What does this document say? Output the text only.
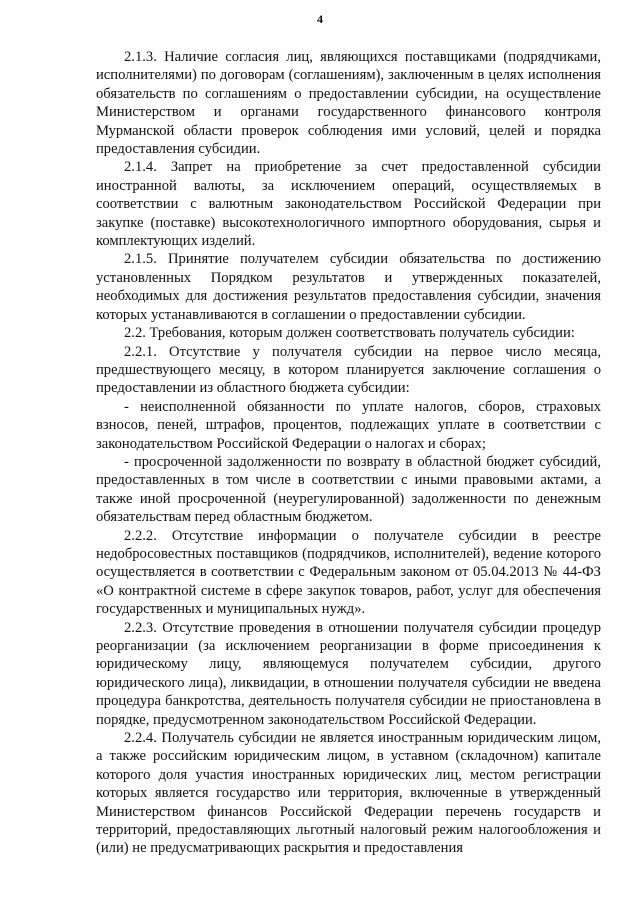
4

2.1.3. Наличие согласия лиц, являющихся поставщиками (подрядчиками, исполнителями) по договорам (соглашениям), заключенным в целях исполнения обязательств по соглашениям о предоставлении субсидии, на осуществление Министерством и органами государственного финансового контроля Мурманской области проверок соблюдения ими условий, целей и порядка предоставления субсидии.

2.1.4. Запрет на приобретение за счет предоставленной субсидии иностранной валюты, за исключением операций, осуществляемых в соответствии с валютным законодательством Российской Федерации при закупке (поставке) высокотехнологичного импортного оборудования, сырья и комплектующих изделий.

2.1.5. Принятие получателем субсидии обязательства по достижению установленных Порядком результатов и утвержденных показателей, необходимых для достижения результатов предоставления субсидии, значения которых устанавливаются в соглашении о предоставлении субсидии.

2.2. Требования, которым должен соответствовать получатель субсидии:

2.2.1. Отсутствие у получателя субсидии на первое число месяца, предшествующего месяцу, в котором планируется заключение соглашения о предоставлении из областного бюджета субсидии:

- неисполненной обязанности по уплате налогов, сборов, страховых взносов, пеней, штрафов, процентов, подлежащих уплате в соответствии с законодательством Российской Федерации о налогах и сборах;

- просроченной задолженности по возврату в областной бюджет субсидий, предоставленных в том числе в соответствии с иными правовыми актами, а также иной просроченной (неурегулированной) задолженности по денежным обязательствам перед областным бюджетом.

2.2.2. Отсутствие информации о получателе субсидии в реестре недобросовестных поставщиков (подрядчиков, исполнителей), ведение которого осуществляется в соответствии с Федеральным законом от 05.04.2013 № 44-ФЗ «О контрактной системе в сфере закупок товаров, работ, услуг для обеспечения государственных и муниципальных нужд».

2.2.3. Отсутствие проведения в отношении получателя субсидии процедур реорганизации (за исключением реорганизации в форме присоединения к юридическому лицу, являющемуся получателем субсидии, другого юридического лица), ликвидации, в отношении получателя субсидии не введена процедура банкротства, деятельность получателя субсидии не приостановлена в порядке, предусмотренном законодательством Российской Федерации.

2.2.4. Получатель субсидии не является иностранным юридическим лицом, а также российским юридическим лицом, в уставном (складочном) капитале которого доля участия иностранных юридических лиц, местом регистрации которых является государство или территория, включенные в утвержденный Министерством финансов Российской Федерации перечень государств и территорий, предоставляющих льготный налоговый режим налогообложения и (или) не предусматривающих раскрытия и предоставления
